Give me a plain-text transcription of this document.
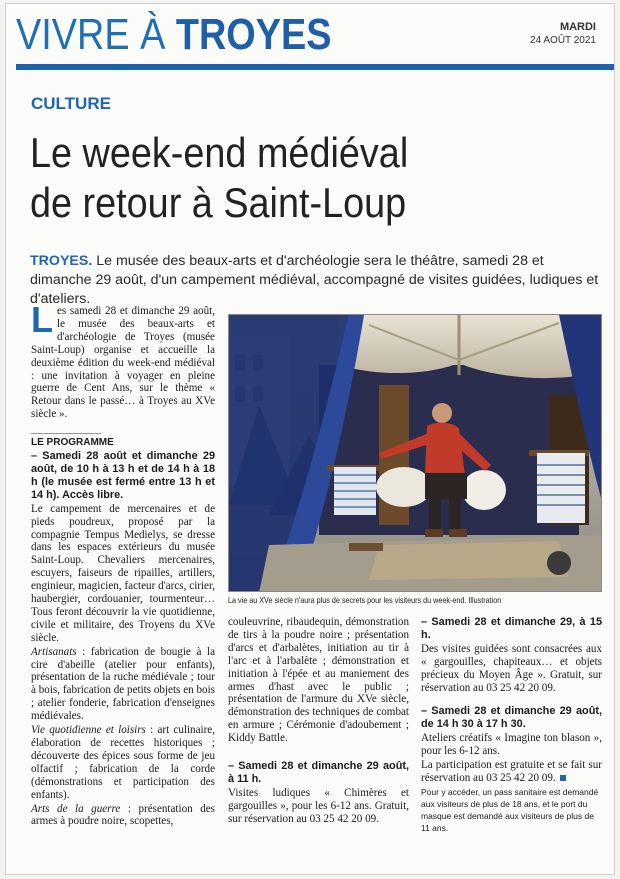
VIVRE À TROYES	MARDI
24 AOÛT 2021
CULTURE
Le week-end médiéval
de retour à Saint-Loup
TROYES. Le musée des beaux-arts et d'archéologie sera le théâtre, samedi 28 et dimanche 29 août, d'un campement médiéval, accompagné de visites guidées, ludiques et d'ateliers.

Les samedi 28 et dimanche 29 août, le musée des beaux-arts et d'archéologie de Troyes (musée Saint-Loup) organise et accueille la deuxième édition du week-end médiéval : une invitation à voyager en pleine guerre de Cent Ans, sur le thème « Retour dans le passé… à Troyes au XVe siècle ».

LE PROGRAMME

– Samedi 28 août et dimanche 29 août, de 10 h à 13 h et de 14 h à 18 h (le musée est fermé entre 13 h et 14 h). Accès libre.

Le campement de mercenaires et de pieds poudreux, proposé par la compagnie Tempus Medielys, se dresse dans les espaces extérieurs du musée Saint-Loup. Chevaliers mercenaires, escuyers, faiseurs de ripailles, artillers, enginieur, magicien, facteur d'arcs, cirier, haubergier, cordouanier, tourmenteur… Tous feront découvrir la vie quotidienne, civile et militaire, des Troyens du XVe siècle.

Artisanats : fabrication de bougie à la cire d'abeille (atelier pour enfants), présentation de la ruche médiévale ; tour à bois, fabrication de petits objets en bois ; atelier fonderie, fabrication d'enseignes médiévales.

Vie quotidienne et loisirs : art culinaire, élaboration de recettes historiques ; découverte des épices sous forme de jeu olfactif ; fabrication de la corde (démonstrations et participation des enfants).

Arts de la guerre : présentation des armes à poudre noire, scopettes,

La vie au XVe siècle n'aura plus de secrets pour les visiteurs du week-end. Illustration

couleuvrine, ribaudequin, démonstration de tirs à la poudre noire ; présentation d'arcs et d'arbalètes, initiation au tir à l'arc et à l'arbalète ; démonstration et initiation à l'épée et au maniement des armes d'hast avec le public ; présentation de l'armure du XVe siècle, démonstration des techniques de combat en armure ; Cérémonie d'adoubement ; Kiddy Battle.

– Samedi 28 et dimanche 29 août, à 11 h.

Visites ludiques « Chimères et gargouilles », pour les 6-12 ans. Gratuit, sur réservation au 03 25 42 20 09.

– Samedi 28 et dimanche 29, à 15 h.

Des visites guidées sont consacrées aux « gargouilles, chapiteaux… et objets précieux du Moyen Âge ». Gratuit, sur réservation au 03 25 42 20 09.

– Samedi 28 et dimanche 29 août, de 14 h 30 à 17 h 30.

Ateliers créatifs « Imagine ton blason », pour les 6-12 ans.

La participation est gratuite et se fait sur réservation au 03 25 42 20 09.

Pour y accéder, un pass sanitaire est demandé aux visiteurs de plus de 18 ans, et le port du masque est demandé aux visiteurs de plus de 11 ans.
